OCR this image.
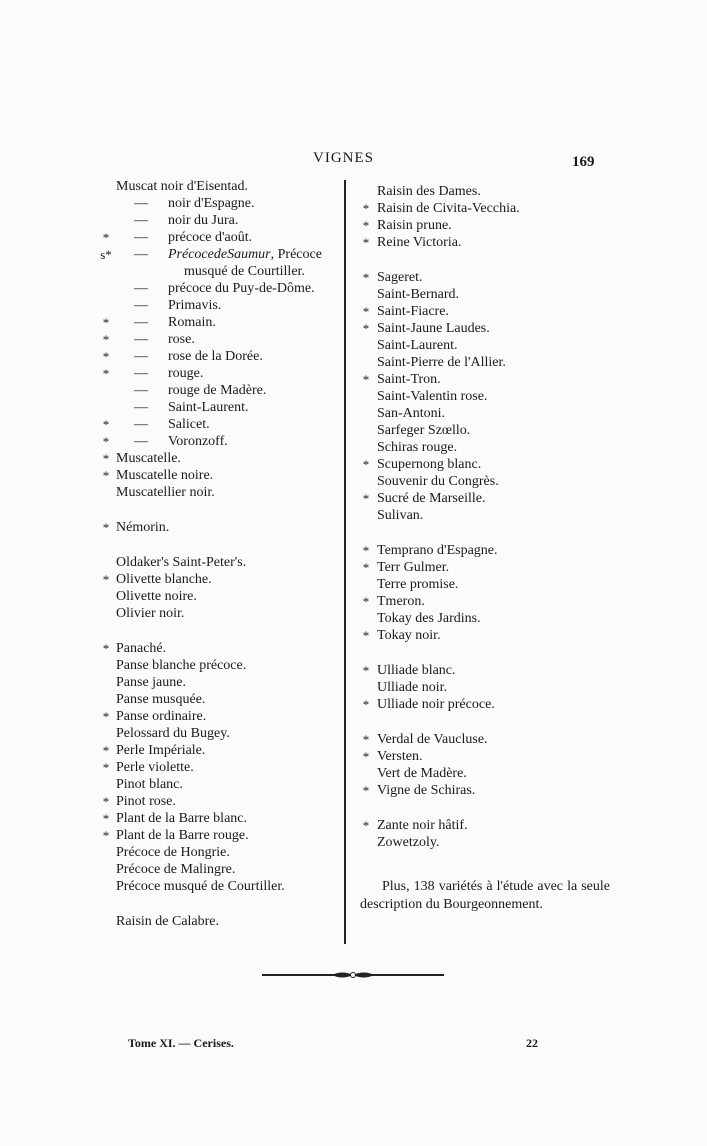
VIGNES	169
Muscat noir d'Eisentad.
— noir d'Espagne.
— noir du Jura.
* — précoce d'août.
s* — PrécocedeSaumur, Précoce
musqué de Courtiller.
— précoce du Puy-de-Dôme.
— Primavis.
* — Romain.
* — rose.
* — rose de la Dorée.
* — rouge.
— rouge de Madère.
— Saint-Laurent.
* — Salicet.
* — Voronzoff.
* Muscatelle.
* Muscatelle noire.
Muscatellier noir.
* Némorin.
Oldaker's Saint-Peter's.
* Olivette blanche.
Olivette noire.
Olivier noir.
* Panaché.
Panse blanche précoce.
Panse jaune.
Panse musquée.
* Panse ordinaire.
Pelossard du Bugey.
* Perle Impériale.
* Perle violette.
Pinot blanc.
* Pinot rose.
* Plant de la Barre blanc.
* Plant de la Barre rouge.
Précoce de Hongrie.
Précoce de Malingre.
Précoce musqué de Courtiller.
Raisin de Calabre.
Raisin des Dames.
* Raisin de Civita-Vecchia.
* Raisin prune.
* Reine Victoria.
* Sageret.
Saint-Bernard.
* Saint-Fiacre.
* Saint-Jaune Laudes.
Saint-Laurent.
Saint-Pierre de l'Allier.
* Saint-Tron.
Saint-Valentin rose.
San-Antoni.
Sarfeger Szœllo.
Schiras rouge.
* Scupernong blanc.
Souvenir du Congrès.
* Sucré de Marseille.
Sulivan.
* Temprano d'Espagne.
* Terr Gulmer.
Terre promise.
* Tmeron.
Tokay des Jardins.
* Tokay noir.
* Ulliade blanc.
Ulliade noir.
* Ulliade noir précoce.
* Verdal de Vaucluse.
* Versten.
Vert de Madère.
* Vigne de Schiras.
* Zante noir hâtif.
Zowetzoly.
Plus, 138 variétés à l'étude avec la seule description du Bourgeonnement.
Tome XI. — Cerises.	22
